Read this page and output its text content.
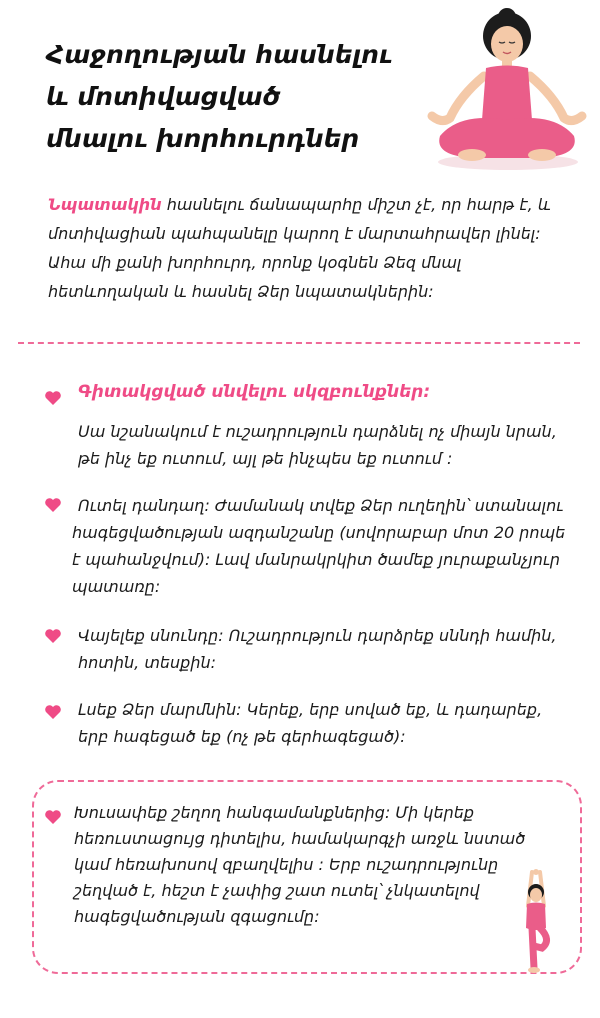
Հաջողության հասնելու
և մոտիվացված
մնալու խորհուրդներ

Նպատակին հասնելու ճանապարհը միշտ չէ, որ հարթ է, և մոտիվացիան պահպանելը կարող է մարտահրավեր լինել: Ահա մի քանի խորհուրդ, որոնք կօգնեն Ձեզ մնալ հետևողական և հասնել Ձեր նպատակներին:

Գիտակցված սնվելու սկզբունքներ:

Սա նշանակում է ուշադրություն դարձնել ոչ միայն նրան, թե ինչ եք ուտում, այլ թե ինչպես եք ուտում :

Ուտել դանդաղ: Ժամանակ տվեք Ձեր ուղեղին՝ ստանալու հագեցվածության ազդանշանը (սովորաբար մոտ 20 րոպե է պահանջվում): Լավ մանրակրկիտ ծամեք յուրաքանչյուր պատառը:

Վայելեք սնունդը: Ուշադրություն դարձրեք սննդի համին, հոտին, տեսքին:

Լսեք Ձեր մարմնին: Կերեք, երբ սոված եք, և դադարեք, երբ հագեցած եք (ոչ թե գերհագեցած):

Խուսափեք շեղող հանգամանքներից: Մի կերեք հեռուստացույց դիտելիս, համակարգչի առջև նստած կամ հեռախոսով զբաղվելիս : Երբ ուշադրությունը շեղված է, հեշտ է չափից շատ ուտել՝ չնկատելով հագեցվածության զգացումը:
